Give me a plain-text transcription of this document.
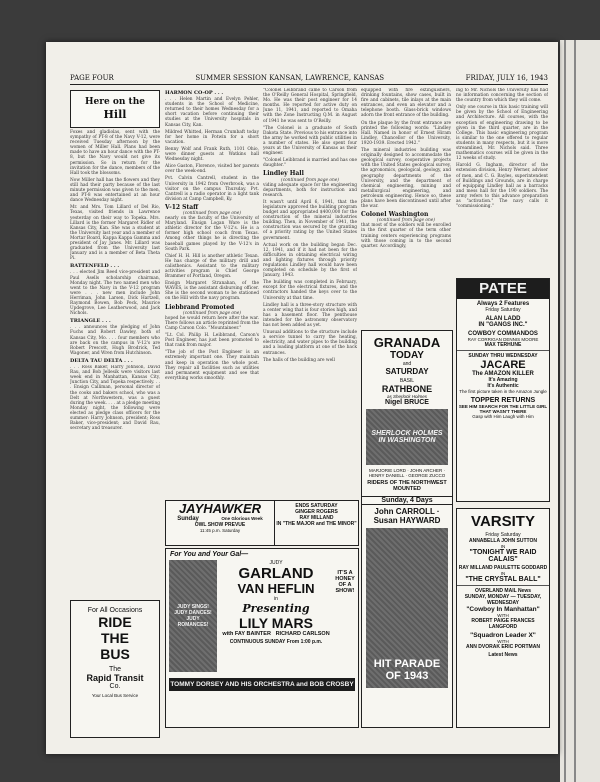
PAGE FOUR	SUMMER SESSION KANSAN, LAWRENCE, KANSAS	FRIDAY, JULY 16, 1943
Here on the
Hill

Foxes and gladiolas, sent with the sympathy of PT-8 of the Navy V-12, were received Tuesday afternoon by the women of Miller Hall. Plans had been made to have an hour dance with the PT-8, but the Navy would not give its permission. So in return for the invitation for the dance, members of the Hall took the blossoms.

Now Miller hall has the flowers and they still had their party because of the last minute permission was given to the men, and PT-8 was entertained at an hour dance Wednesday night.

Mr. and Mrs. Tom Lillard of Del Rio, Texas, visited friends in Lawrence yesterday on their way to Topeka. Mrs. Lillard is the former Margaret Ridler of Kansas City, Kan. She was a student at the University last year and a member of Mortar Board, Kappa Kappa Gamma and president of Jay Janes. Mr. Lillard was graduated from the University last January and is a member of Beta Theta Pi.

BATTENFELD . . .

. . . elected Jim Reed vice-president and Paul Asells scholarship chairman, Monday night. The two named men who went to the Navy in the V-12 program were . . . new men include John Herriman, John Larsen, Dick Hartzell, Raymond Bowen, Bob Peck, Maurice Updegrove, Lee Leatherwood, and Jack Nichols.

TRIANGLE . . .

. . . announces the pledging of John Fuchs and Robert Dawley, both of Kansas City, Mo. . . . four members who are back on the campus in V-12's are Robert Prescott, Hugh Brodrick, Ted Wagoner, and Wren from Hutchinson.

DELTA TAU DELTA . . .

. . . Ross Baker, Harry Johnson, David Rau, and Bob Jellesik were visitors last week end in Manhattan, Kansas City, Junction City, and Topeka respectively. . . . Ensign Calliman, personal director of the cooks and bakers school, who was a Delt at Northwestern, was a guest during the week. . . . at a pledge meeting Monday night, the following were elected as pledge class officers for the summer: Harry Johnson, president; Ross Baker, vice-president; and David Rau, secretary and treasurer.

For All Occasions
RIDE
THE
BUS
The
Rapid Transit
Co.
Your Local Bus Service
HARMON CO-OP . . .

. . . Helen Martin and Evelyn Pehler, students in the School of Medicine, returned to their homes Wednesday for a short vacation before continuing their studies at the University hospitals in Kansas City, Kan.

Mildred Whitted, Herman Crumbaft today for her home in Potwin for a short vacation.

Benny Wolf and Frank Ruth, 1101 Ohio, were dinner guests at Watkins hall Wednesday night.

Alice Gaston, Florence, visited her parents over the week-end.

Pvt. Calvin Cantrell, student in the University in 1942 from Overbrook, was a visitor on the campus Thursday. Pvt. Cantrell is a radio operator in a light tank division at Camp Campbell, Ky.

V-12 Staff
(continued from page one)

nearly on the faculty of the University of Maryland. Ensign Logan Ware is the athletic director for the V-12's. He is a former high school coach from Texas. Among other things he is directing the baseball games played by the V-12's in South Park.

Chief H. H. Hill is another athletic Texan. He has charge of the military drill and calisthenics. Assistant to the military activities program is Chief George Brammer of Portland, Oregon.

Ensign Margaret Stranahan, of the WAVES, is the assistant disbursing officer. She is the second woman to be stationed on the Hill with the navy program.

Liebbrand Promoted
(continued from page one)

hoped he would return here after the war. There follows an article reprinted from the Camp Carson Colo. "Mountaineer."

"Lt. Col. Philip H. Leibbrand, Carson's Post Engineer, has just been promoted to that rank from major.

"The job of the Post Engineer is an extremely important one. They maintain and keep in operation the whole post. They repair all facilities such as utilities and permanent equipment and see that everything works smoothly.

"Colonel Leibbrand came to Carson from the O'Reilly General Hospital, Springfield, Mo. He was their post engineer for 14 months. He reported for active duty on June 11, 1941, and reported to Omaha with the Zone Instructing Q.M. in August of 1941 he was sent to O'Reilly.

"The Colonel is a graduate of South Dakota State. Previous to his entrance into the army he worked with public utilities in a number of states. He also spent four years at the University of Kansas as their engineer.

"Colonel Leibbrand is married and has one daughter."

Lindley Hall
(continued from page one)

viding adequate space for the engineering departments, both for instruction and research.

It wasn't until April 6, 1941, that the legislature approved the building program budget and appropriated $400,000 for the construction of the mineral industries building. Then, in November of 1941, the construction was secured by the granting of a priority rating by the United States government.

Actual work on the building began Dec. 12, 1941, and if it had not been for the difficulties in obtaining electrical wiring and lighting fixtures through priority regulations Lindley hall would have been completed on schedule by the first of January, 1943.

The building was completed in February, except for the electrical fixtures, and the contractors handed the keys over to the University at that time.

Lindley hall is a three-story structure with a center wing that is four stories high, and has a basement floor. The penthouse intended for the astronomy observatory has not been added as yet.

Unusual additions to the structure include a service tunnel to carry the heating, electricity, and water pipes to the building and a loading platform at one of the back entrances.

The halls of the building are well

equipped with fire extinguishers, drinking fountains, show cases, built in fire and cabinets, tile inlays at the main entrances, and even an elevator and a telephone booth. Glass-brick windows adorn the front entrance of the building.

On the plaque by the front entrance are printed the following words: "Lindley Hall. Named in honor of Ernest Hiram Lindley, Chancellor of the University, 1920-1939. Erected 1942."

The mineral industries building was originally designed to accommodate the geological survey, cooperative projects with the United States geological survey, the agronomics, geological, geology, and geography departments of the University, and the department of chemical engineering, mining and metallurgical engineering, and petroleum engineering. Hence so, these plans have been discontinued until after the war.

Colonel Washington
(continued from page one)

that most of the soldiers will be enrolled in the first quarter of the term other training centers experiencing programs with those coming in to the second quarter. Accordingly,

ing to Mr. Nichols the University has had no information concerning the section of the country from which they will come.

Only one course in this basic training will be given by the School of Engineering and Architecture. All courses, with the exception of engineering drawing to be given in the third quarter, are in the College. This basic engineering program is similar to the one offered to regular students in many respects, but it is more streamlined, Mr. Nichols said. Three mathematics courses will be given in the 12 weeks of study.

Harold G. Ingham, director of the extension division, Henry Werner, adviser of men, and C. G. Bayles, superintendent of Buildings and Grounds, are in charge of equipping Lindley hall as a barracks and mess hall for the 190 soldiers. The army refers to this advance preparation as "activation." The navy calls it "commissioning."

GRANADA
TODAY
and
SATURDAY
BASIL
RATHBONE
as Sherlock Holmes
Nigel BRUCE
SHERLOCK HOLMES IN WASHINGTON
MARJORIE LORD · JOHN ARCHER · HENRY DANIELL · GEORGE ZUCCO
RIDERS OF THE NORTHWEST MOUNTED
Sunday, 4 Days
John CARROLL · Susan HAYWARD
HIT PARADE OF 1943
PATEE
Always 2 Features
Friday Saturday
ALAN LADD
IN "GANGS INC."
COWBOY COMMANDOS
RAY CORRIGAN DENNIS MOORE
MAX TERHUNE
SUNDAY THRU WEDNESDAY
JACARE
The AMAZON KILLER
It's Amazing
It's Authentic
The first picture taken in the Amazon Jungle
TOPPER RETURNS
SEE HIM SEARCH FOR THE LITTLE GIRL THAT WASN'T THERE
Gasp with Him Laugh with Him
VARSITY
Friday Saturday
ANNABELLA JOHN SUTTON
IN
"TONIGHT WE RAID CALAIS"
RAY MILLAND PAULETTE GODDARD
IN
"THE CRYSTAL BALL"
OVERLAND MAIL News
SUNDAY, MONDAY — TUESDAY, WEDNESDAY
"Cowboy In Manhattan"
WITH
ROBERT PAIGE FRANCES LANGFORD
"Squadron Leader X"
WITH
ANN DVORAK ERIC PORTMAN
Latest News
JAYHAWKER
Sunday	One Glorious Week
OWL SHOW PREVUE
11:45 p.m. Saturday
ENDS SATURDAY
GINGER ROGERS
RAY MILLAND
IN "THE MAJOR and THE MINOR"
For You and Your Gal—
JUDY SINGS! JUDY DANCES! JUDY ROMANCES!
JUDY
GARLAND
VAN HEFLIN
in
Presenting
LILY MARS
with FAY BAINTER RICHARD CARLSON
CONTINUOUS SUNDAY From 1:00 p.m.
IT'S A HONEY OF A SHOW!
TOMMY DORSEY AND HIS ORCHESTRA and BOB CROSBY
